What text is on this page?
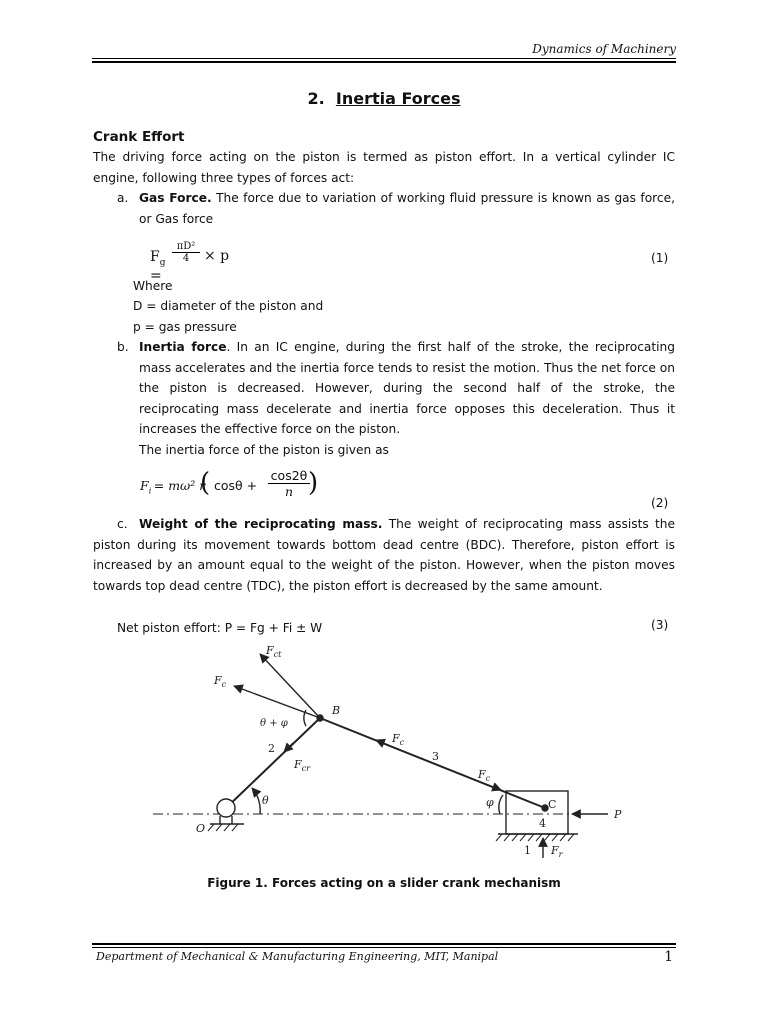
Dynamics of Machinery
2. Inertia Forces
Crank Effort
The driving force acting on the piston is termed as piston effort. In a vertical cylinder IC engine, following three types of forces act:
a. Gas Force. The force due to variation of working fluid pressure is known as gas force, or Gas force
$F_g$ =
πD²
4	× p	(1)
Where
D = diameter of the piston and
p = gas pressure
b. Inertia force. In an IC engine, during the first half of the stroke, the reciprocating mass accelerates and the inertia force tends to resist the motion. Thus the net force on the piston is decreased. However, during the second half of the stroke, the reciprocating mass decelerate and inertia force opposes this deceleration. Thus it increases the effective force on the piston.
The inertia force of the piston is given as
$F_i = m\omega^2$ r
( cosθ +
cos2θ
n )
(2)
c. Weight of the reciprocating mass. The weight of reciprocating mass assists the piston during its movement towards bottom dead centre (BDC). Therefore, piston effort is increased by an amount equal to the weight of the piston. However, when the piston moves towards top dead centre (TDC), the piston effort is decreased by the same amount.
Net piston effort: P = Fg + Fi ± W	(3)
$F_{ct}$
$F_c$
θ + φ
B
$F_c$
3
2
$F_{cr}$	$F_c$
θ	φ	C
P
O	4
1 $F_r$
Figure 1. Forces acting on a slider crank mechanism
Department of Mechanical & Manufacturing Engineering, MIT, Manipal	1
